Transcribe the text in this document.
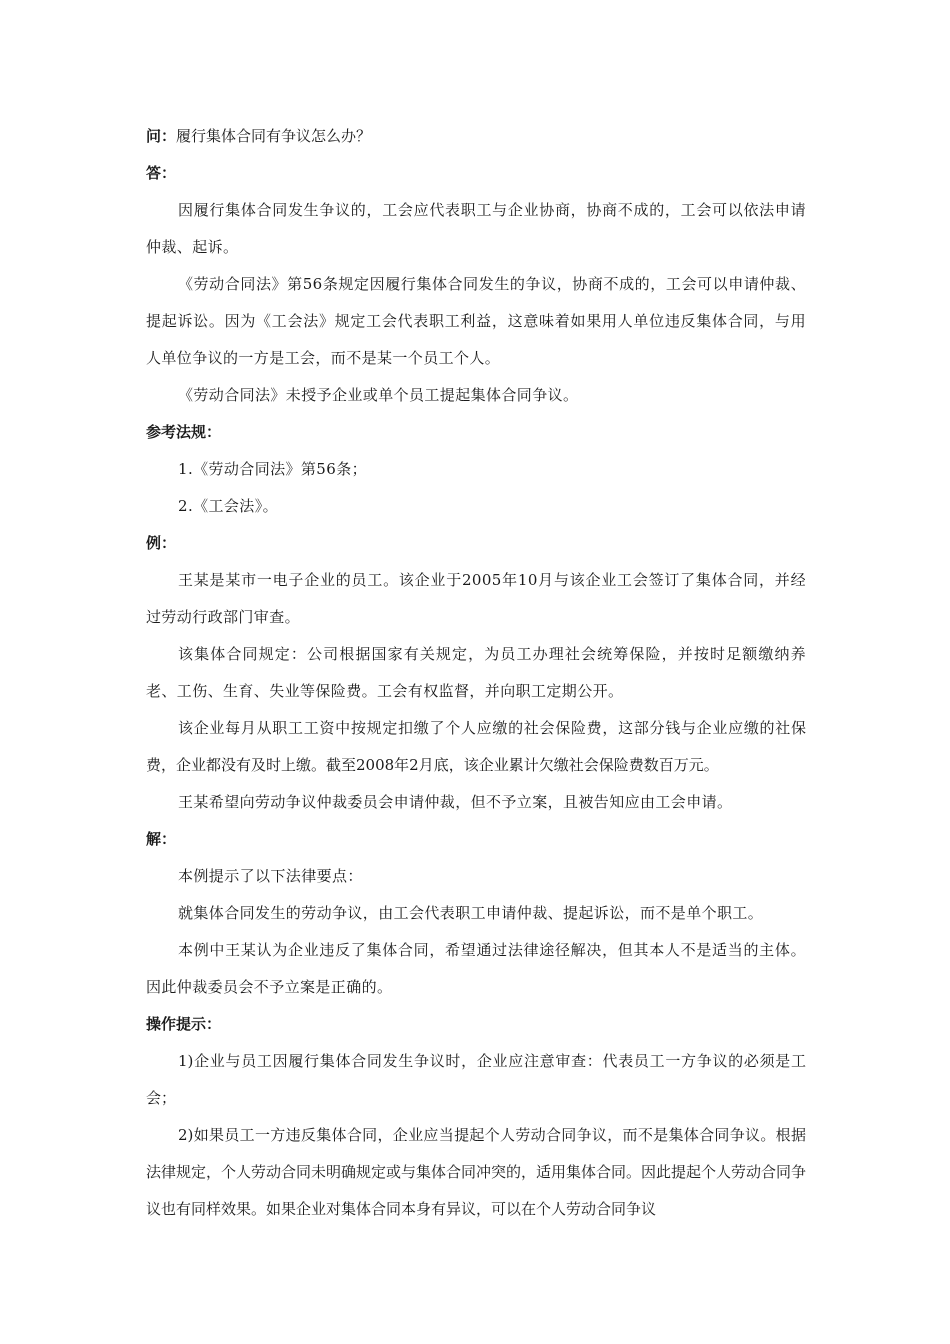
问：履行集体合同有争议怎么办？

答：

因履行集体合同发生争议的，工会应代表职工与企业协商，协商不成的，工会可以依法申请仲裁、起诉。

《劳动合同法》第56条规定因履行集体合同发生的争议，协商不成的，工会可以申请仲裁、提起诉讼。因为《工会法》规定工会代表职工利益，这意味着如果用人单位违反集体合同，与用人单位争议的一方是工会，而不是某一个员工个人。

《劳动合同法》未授予企业或单个员工提起集体合同争议。

参考法规：

1.《劳动合同法》第56条；

2.《工会法》。

例：

王某是某市一电子企业的员工。该企业于2005年10月与该企业工会签订了集体合同，并经过劳动行政部门审查。

该集体合同规定：公司根据国家有关规定，为员工办理社会统筹保险，并按时足额缴纳养老、工伤、生育、失业等保险费。工会有权监督，并向职工定期公开。

该企业每月从职工工资中按规定扣缴了个人应缴的社会保险费，这部分钱与企业应缴的社保费，企业都没有及时上缴。截至2008年2月底，该企业累计欠缴社会保险费数百万元。

王某希望向劳动争议仲裁委员会申请仲裁，但不予立案，且被告知应由工会申请。

解：

本例提示了以下法律要点：

就集体合同发生的劳动争议，由工会代表职工申请仲裁、提起诉讼，而不是单个职工。

本例中王某认为企业违反了集体合同，希望通过法律途径解决，但其本人不是适当的主体。因此仲裁委员会不予立案是正确的。

操作提示：

1)企业与员工因履行集体合同发生争议时，企业应注意审查：代表员工一方争议的必须是工会；

2)如果员工一方违反集体合同，企业应当提起个人劳动合同争议，而不是集体合同争议。根据法律规定，个人劳动合同未明确规定或与集体合同冲突的，适用集体合同。因此提起个人劳动合同争议也有同样效果。如果企业对集体合同本身有异议，可以在个人劳动合同争议
